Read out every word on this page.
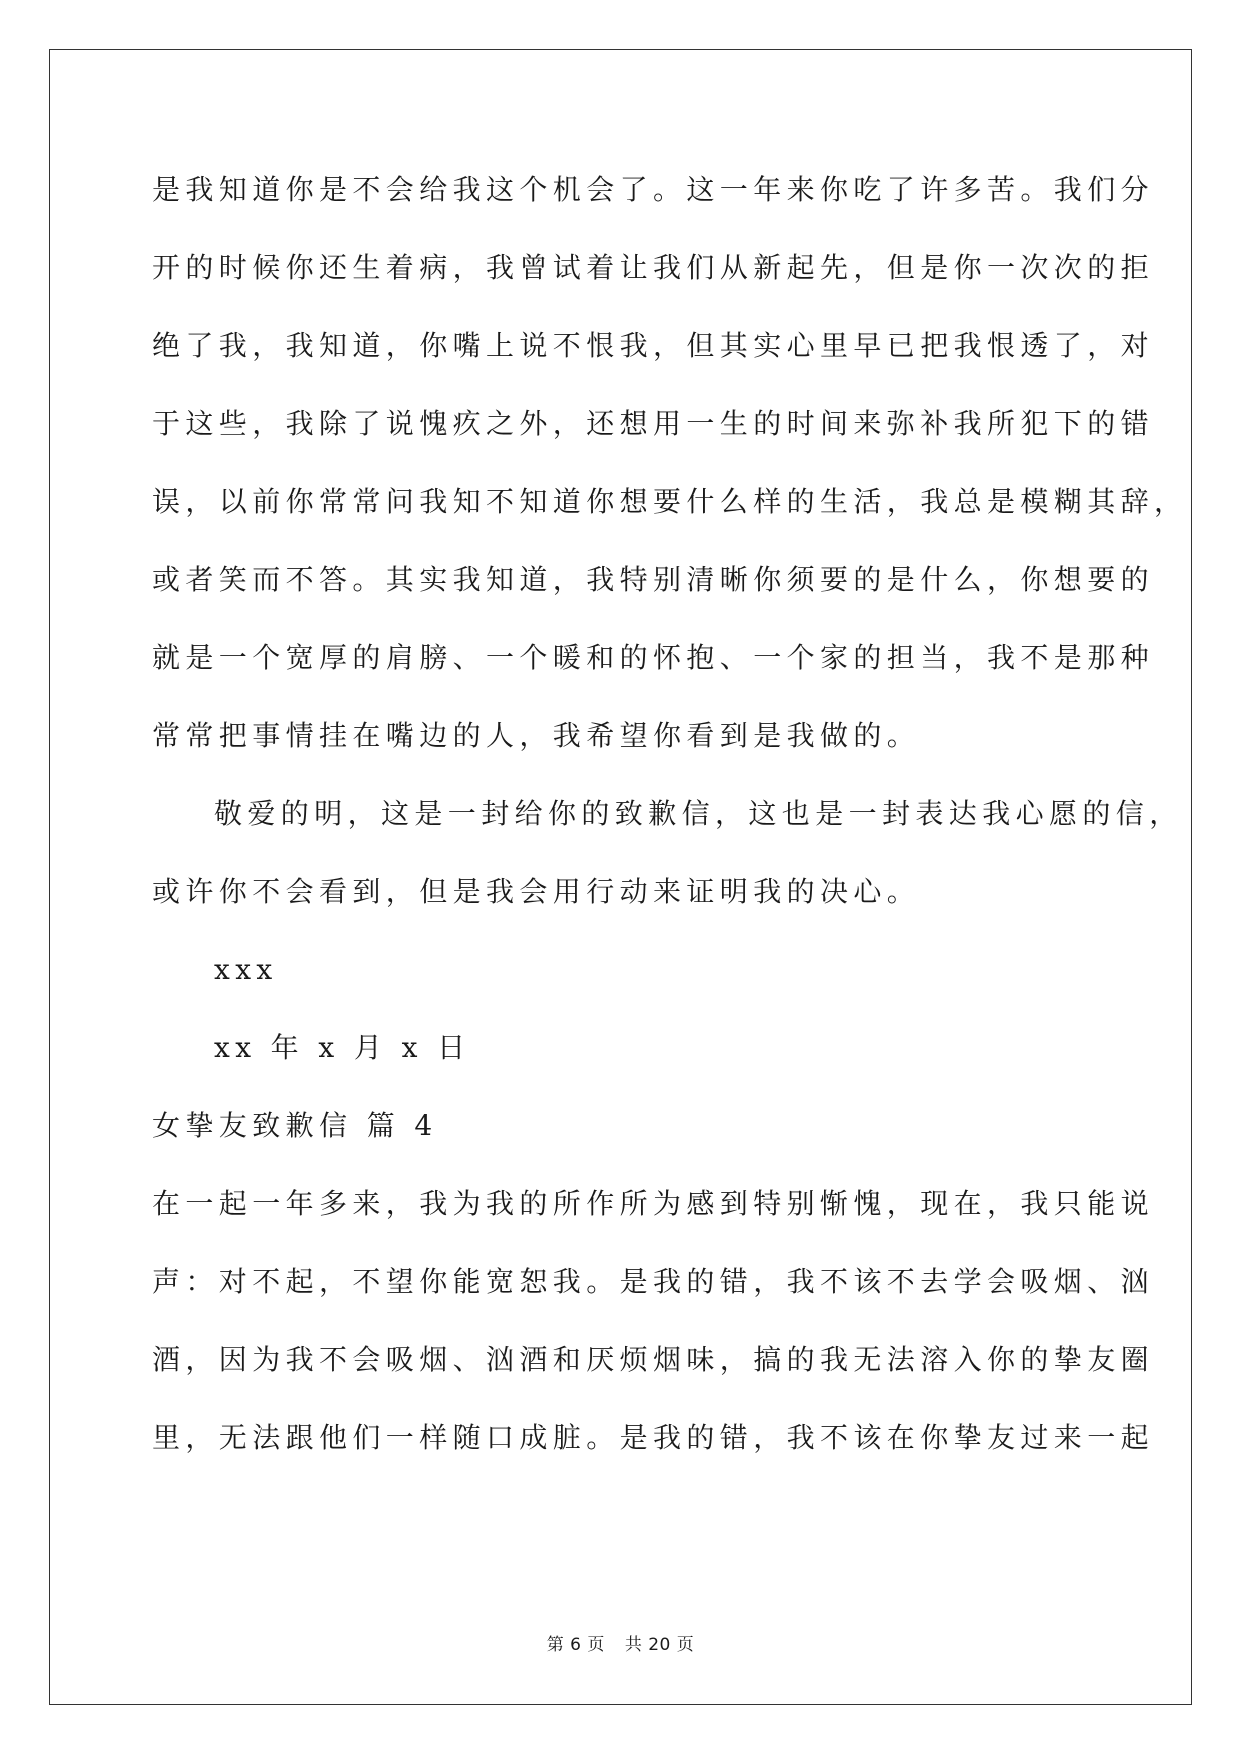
是我知道你是不会给我这个机会了。这一年来你吃了许多苦。我们分
开的时候你还生着病，我曾试着让我们从新起先，但是你一次次的拒
绝了我，我知道，你嘴上说不恨我，但其实心里早已把我恨透了，对
于这些，我除了说愧疚之外，还想用一生的时间来弥补我所犯下的错
误，以前你常常问我知不知道你想要什么样的生活，我总是模糊其辞，
或者笑而不答。其实我知道，我特别清晰你须要的是什么，你想要的
就是一个宽厚的肩膀、一个暖和的怀抱、一个家的担当，我不是那种
常常把事情挂在嘴边的人，我希望你看到是我做的。
敬爱的明，这是一封给你的致歉信，这也是一封表达我心愿的信，
或许你不会看到，但是我会用行动来证明我的决心。
xxx
xx 年 x 月 x 日
女挚友致歉信 篇 4
在一起一年多来，我为我的所作所为感到特别惭愧，现在，我只能说
声：对不起，不望你能宽恕我。是我的错，我不该不去学会吸烟、汹
酒，因为我不会吸烟、汹酒和厌烦烟味，搞的我无法溶入你的挚友圈
里，无法跟他们一样随口成脏。是我的错，我不该在你挚友过来一起
第 6 页 共 20 页
